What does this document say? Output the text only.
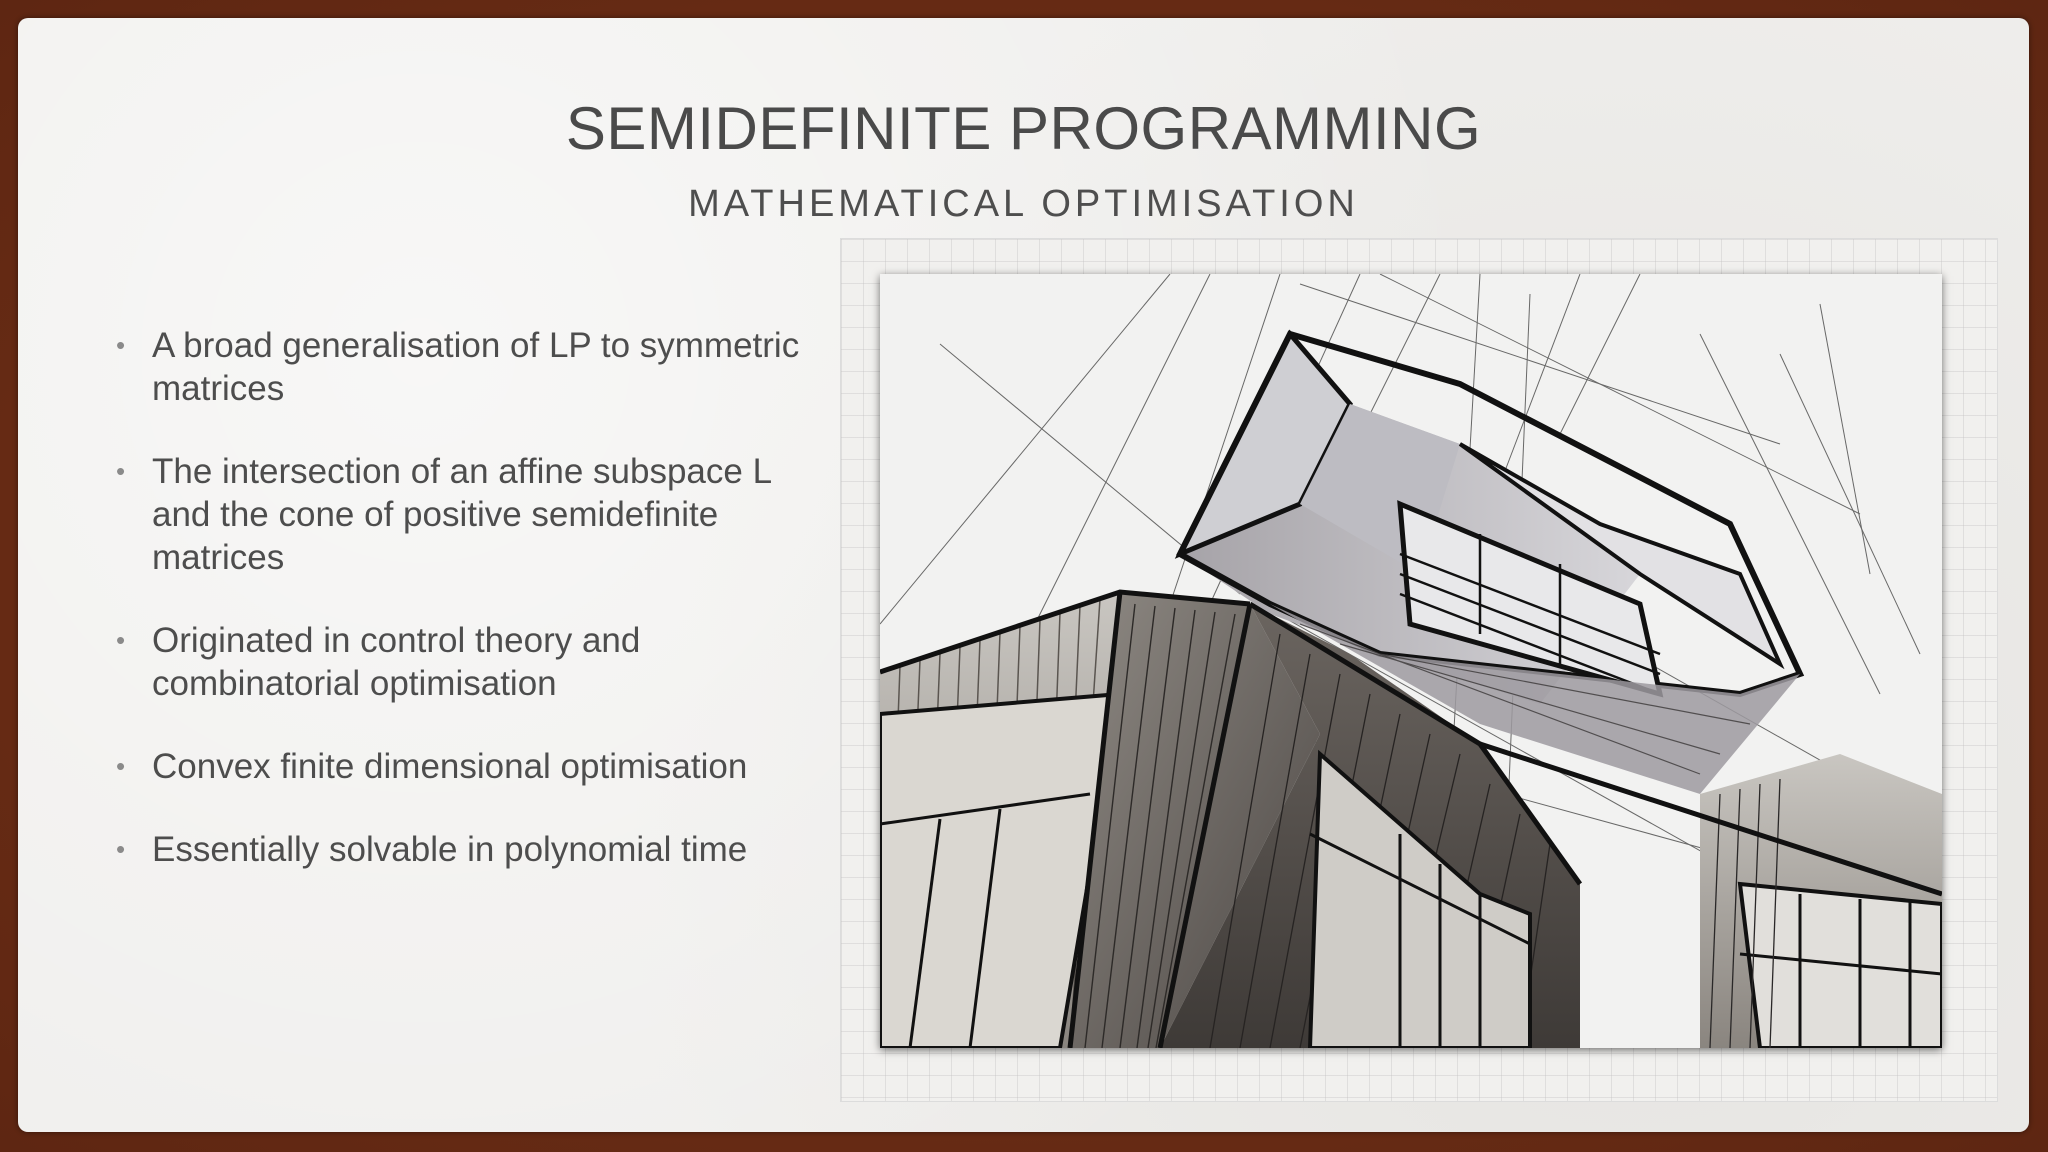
SEMIDEFINITE PROGRAMMING
MATHEMATICAL OPTIMISATION
• A broad generalisation of LP to symmetric matrices
• The intersection of an affine subspace L and the cone of positive semidefinite matrices
• Originated in control theory and combinatorial optimisation
• Convex finite dimensional optimisation
• Essentially solvable in polynomial time
